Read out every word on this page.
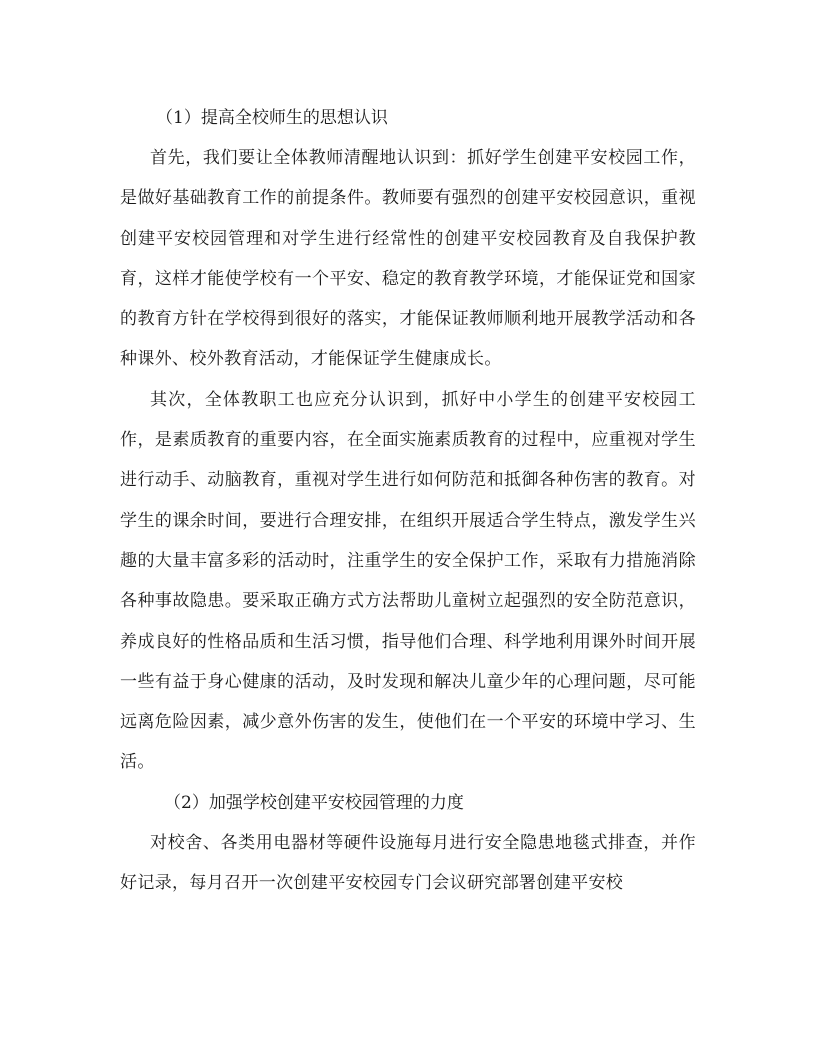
（1）提高全校师生的思想认识

首先，我们要让全体教师清醒地认识到：抓好学生创建平安校园工作，是做好基础教育工作的前提条件。教师要有强烈的创建平安校园意识，重视创建平安校园管理和对学生进行经常性的创建平安校园教育及自我保护教育，这样才能使学校有一个平安、稳定的教育教学环境，才能保证党和国家的教育方针在学校得到很好的落实，才能保证教师顺利地开展教学活动和各种课外、校外教育活动，才能保证学生健康成长。

其次，全体教职工也应充分认识到，抓好中小学生的创建平安校园工作，是素质教育的重要内容，在全面实施素质教育的过程中，应重视对学生进行动手、动脑教育，重视对学生进行如何防范和抵御各种伤害的教育。对学生的课余时间，要进行合理安排，在组织开展适合学生特点，激发学生兴趣的大量丰富多彩的活动时，注重学生的安全保护工作，采取有力措施消除各种事故隐患。要采取正确方式方法帮助儿童树立起强烈的安全防范意识，养成良好的性格品质和生活习惯，指导他们合理、科学地利用课外时间开展一些有益于身心健康的活动，及时发现和解决儿童少年的心理问题，尽可能远离危险因素，减少意外伤害的发生，使他们在一个平安的环境中学习、生活。

（2）加强学校创建平安校园管理的力度

对校舍、各类用电器材等硬件设施每月进行安全隐患地毯式排查，并作好记录，每月召开一次创建平安校园专门会议研究部署创建平安校
